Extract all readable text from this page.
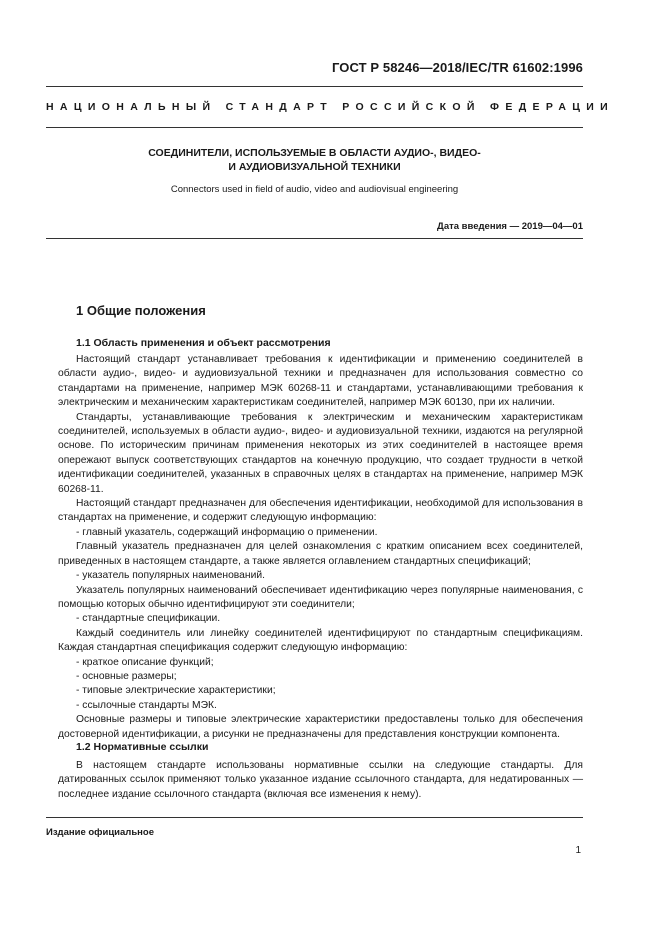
ГОСТ Р 58246—2018/IEC/TR 61602:1996
НАЦИОНАЛЬНЫЙ СТАНДАРТ РОССИЙСКОЙ ФЕДЕРАЦИИ
СОЕДИНИТЕЛИ, ИСПОЛЬЗУЕМЫЕ В ОБЛАСТИ АУДИО-, ВИДЕО-
И АУДИОВИЗУАЛЬНОЙ ТЕХНИКИ
Connectors used in field of audio, video and audiovisual engineering
Дата введения — 2019—04—01
1 Общие положения
1.1 Область применения и объект рассмотрения

Настоящий стандарт устанавливает требования к идентификации и применению соединителей в области аудио-, видео- и аудиовизуальной техники и предназначен для использования совместно со стандартами на применение, например МЭК 60268-11 и стандартами, устанавливающими требования к электрическим и механическим характеристикам соединителей, например МЭК 60130, при их наличии.

Стандарты, устанавливающие требования к электрическим и механическим характеристикам соединителей, используемых в области аудио-, видео- и аудиовизуальной техники, издаются на регулярной основе. По историческим причинам применения некоторых из этих соединителей в настоящее время опережают выпуск соответствующих стандартов на конечную продукцию, что создает трудности в четкой идентификации соединителей, указанных в справочных целях в стандартах на применение, например МЭК 60268-11.

Настоящий стандарт предназначен для обеспечения идентификации, необходимой для использования в стандартах на применение, и содержит следующую информацию:

- главный указатель, содержащий информацию о применении.

Главный указатель предназначен для целей ознакомления с кратким описанием всех соединителей, приведенных в настоящем стандарте, а также является оглавлением стандартных спецификаций;

- указатель популярных наименований.

Указатель популярных наименований обеспечивает идентификацию через популярные наименования, с помощью которых обычно идентифицируют эти соединители;

- стандартные спецификации.

Каждый соединитель или линейку соединителей идентифицируют по стандартным спецификациям. Каждая стандартная спецификация содержит следующую информацию:

- краткое описание функций;

- основные размеры;

- типовые электрические характеристики;

- ссылочные стандарты МЭК.

Основные размеры и типовые электрические характеристики предоставлены только для обеспечения достоверной идентификации, а рисунки не предназначены для представления конструкции компонента.

1.2 Нормативные ссылки

В настоящем стандарте использованы нормативные ссылки на следующие стандарты. Для датированных ссылок применяют только указанное издание ссылочного стандарта, для недатированных — последнее издание ссылочного стандарта (включая все изменения к нему).

Издание официальное
1
